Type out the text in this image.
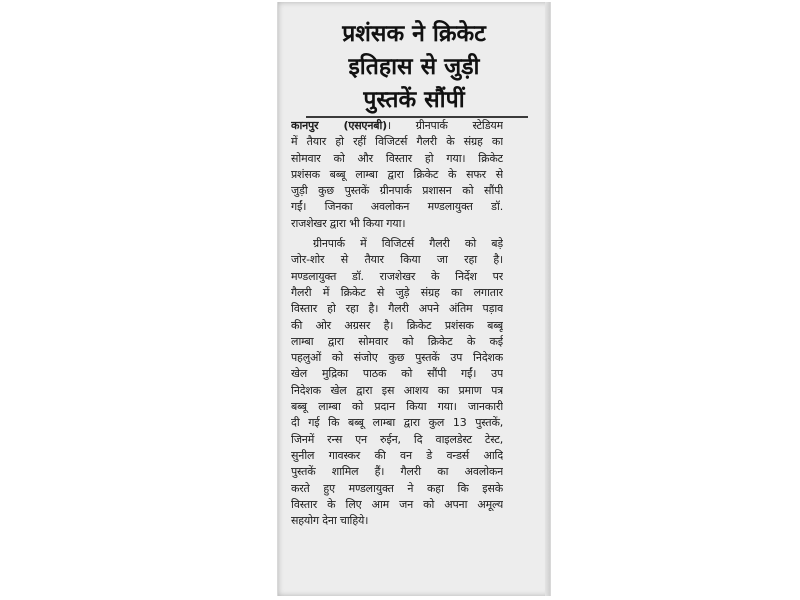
प्रशंसक ने क्रिकेट
इतिहास से जुड़ी
पुस्तकें सौंपीं
कानपुर (एसएनबी)। ग्रीनपार्क स्टेडियम
में तैयार हो रहीं विजिटर्स गैलरी के संग्रह का
सोमवार को और विस्तार हो गया। क्रिकेट
प्रशंसक बब्बू लाम्बा द्वारा क्रिकेट के सफर से
जुड़ी कुछ पुस्तकें ग्रीनपार्क प्रशासन को सौंपी
गईं। जिनका अवलोकन मण्डलायुक्त डॉ.
राजशेखर द्वारा भी किया गया।
ग्रीनपार्क में विजिटर्स गैलरी को बड़े
जोर-शोर से तैयार किया जा रहा है।
मण्डलायुक्त डॉ. राजशेखर के निर्देश पर
गैलरी में क्रिकेट से जुड़े संग्रह का लगातार
विस्तार हो रहा है। गैलरी अपने अंतिम पड़ाव
की ओर अग्रसर है। क्रिकेट प्रशंसक बब्बू
लाम्बा द्वारा सोमवार को क्रिकेट के कई
पहलुओं को संजोए कुछ पुस्तकें उप निदेशक
खेल मुद्रिका पाठक को सौंपी गईं। उप
निदेशक खेल द्वारा इस आशय का प्रमाण पत्र
बब्बू लाम्बा को प्रदान किया गया। जानकारी
दी गई कि बब्बू लाम्बा द्वारा कुल 13 पुस्तकें,
जिनमें रन्स एन रुईन, दि वाइलडेस्ट टेस्ट,
सुनील गावस्कर की वन डे वन्डर्स आदि
पुस्तकें शामिल हैं। गैलरी का अवलोकन
करते हुए मण्डलायुक्त ने कहा कि इसके
विस्तार के लिए आम जन को अपना अमूल्य
सहयोग देना चाहिये।
